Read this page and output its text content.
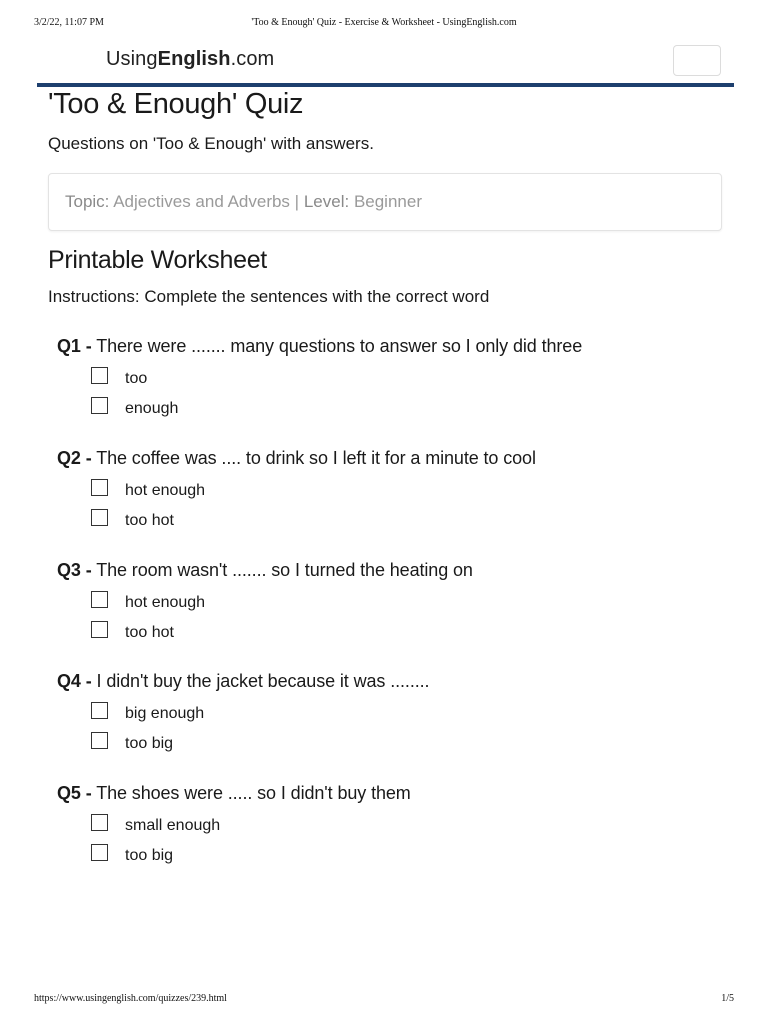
3/2/22, 11:07 PM	'Too & Enough' Quiz - Exercise & Worksheet - UsingEnglish.com
UsingEnglish.com
'Too & Enough' Quiz
Questions on 'Too & Enough' with answers.
Topic: Adjectives and Adverbs | Level: Beginner
Printable Worksheet
Instructions: Complete the sentences with the correct word
Q1 - There were ....... many questions to answer so I only did three
too
enough
Q2 - The coffee was .... to drink so I left it for a minute to cool
hot enough
too hot
Q3 - The room wasn't ....... so I turned the heating on
hot enough
too hot
Q4 - I didn't buy the jacket because it was ........
big enough
too big
Q5 - The shoes were ..... so I didn't buy them
small enough
too big
https://www.usingenglish.com/quizzes/239.html	1/5
